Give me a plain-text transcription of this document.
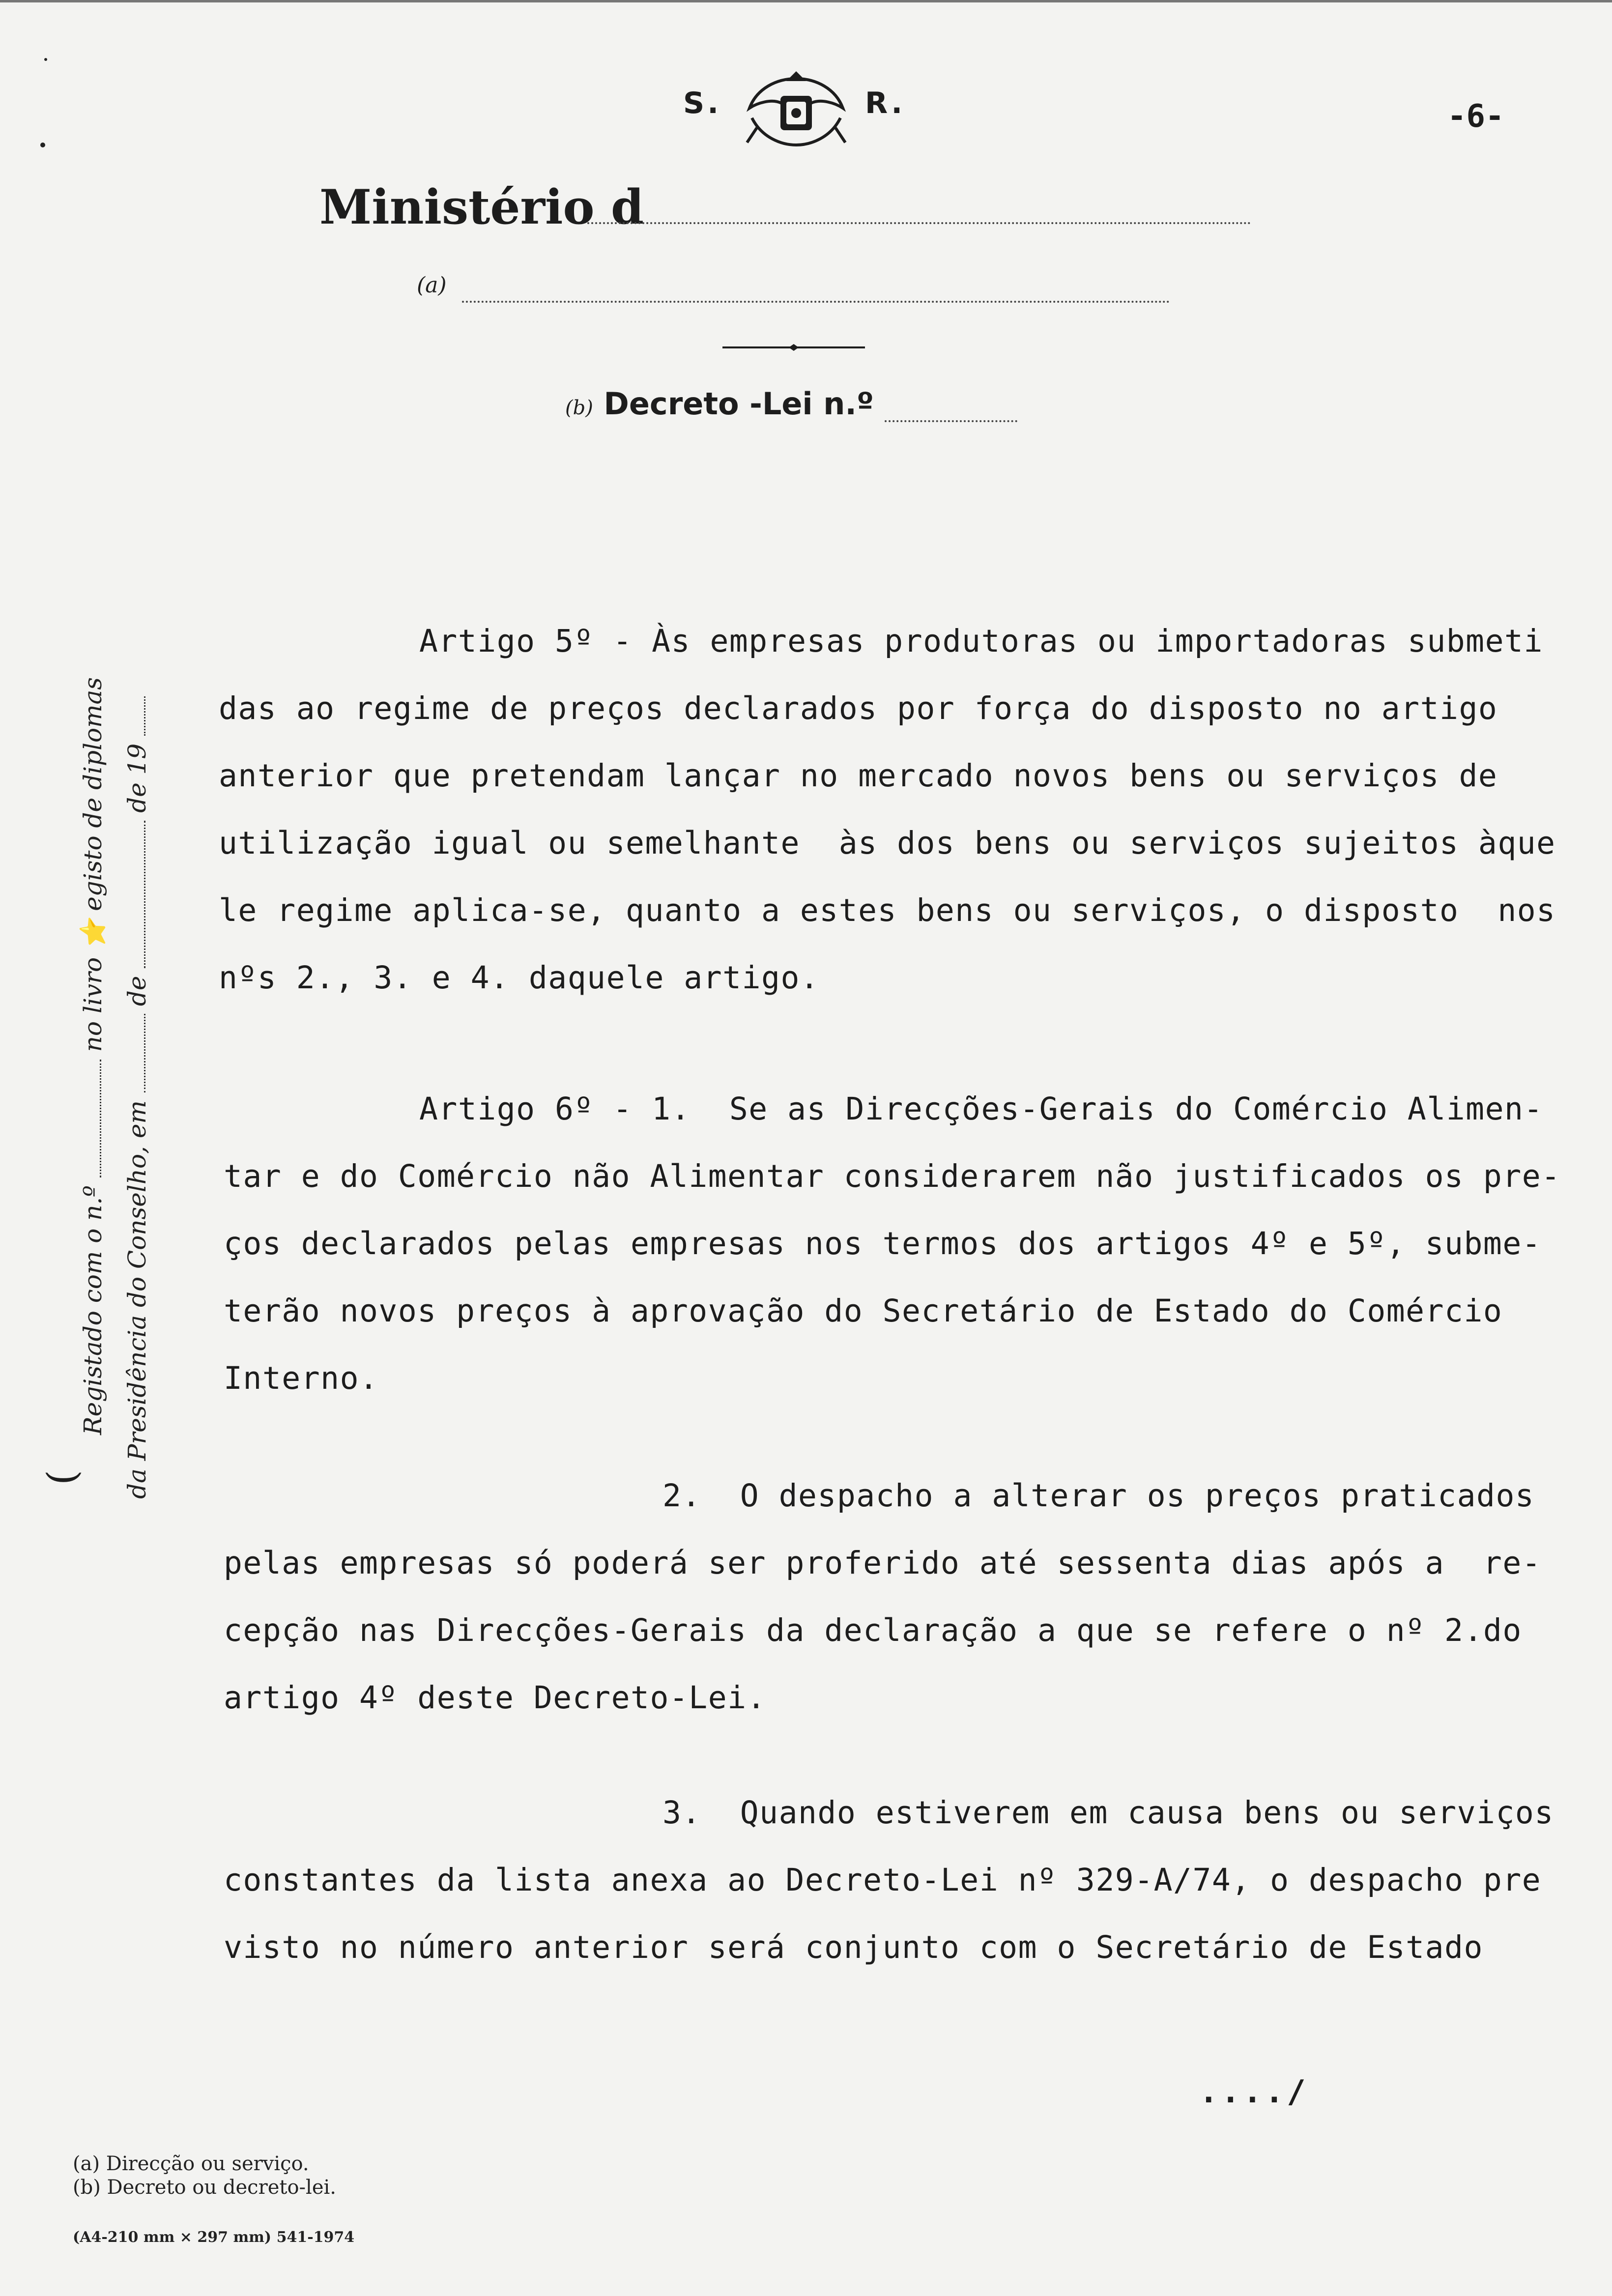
S.	R.	-6-
Ministério d
(a)
(b) Decreto -Lei n.º
Registado com o n.º  no livro ⭐ egisto de diplomas
da Presidência do Conselho, em  de  de 19
(
Artigo 5º - Às empresas produtoras ou importadoras submeti
das ao regime de preços declarados por força do disposto no artigo
anterior que pretendam lançar no mercado novos bens ou serviços de
utilização igual ou semelhante  às dos bens ou serviços sujeitos àque
le regime aplica-se, quanto a estes bens ou serviços, o disposto  nos
nºs 2., 3. e 4. daquele artigo.
Artigo 6º - 1.  Se as Direcções-Gerais do Comércio Alimen-
tar e do Comércio não Alimentar considerarem não justificados os pre-
ços declarados pelas empresas nos termos dos artigos 4º e 5º, subme-
terão novos preços à aprovação do Secretário de Estado do Comércio
Interno.
2.  O despacho a alterar os preços praticados
pelas empresas só poderá ser proferido até sessenta dias após a  re-
cepção nas Direcções-Gerais da declaração a que se refere o nº 2.do
artigo 4º deste Decreto-Lei.
3.  Quando estiverem em causa bens ou serviços
constantes da lista anexa ao Decreto-Lei nº 329-A/74, o despacho pre
visto no número anterior será conjunto com o Secretário de Estado
..../
(a) Direcção ou serviço.
(b) Decreto ou decreto-lei.
(A4-210 mm × 297 mm) 541-1974
